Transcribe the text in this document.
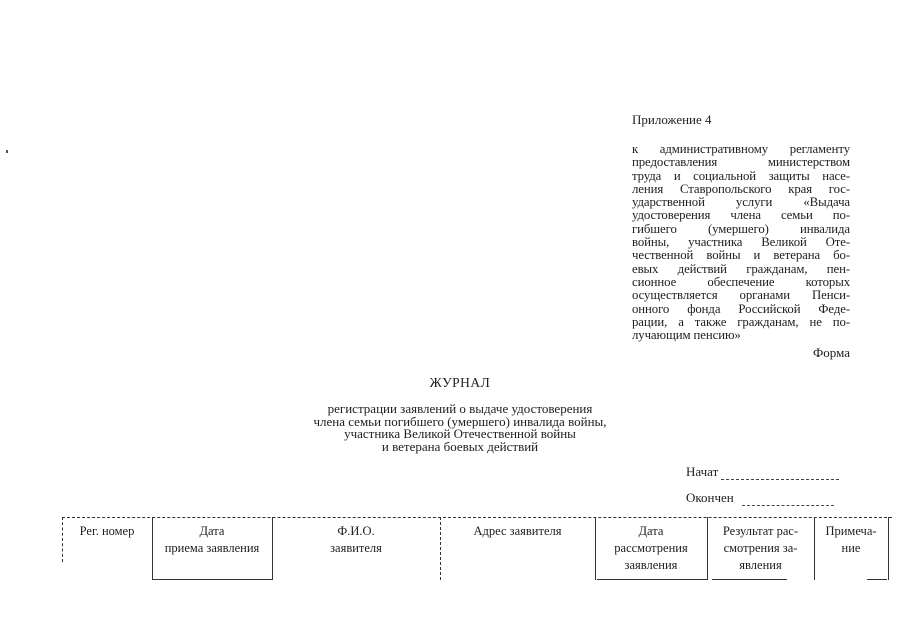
Приложение 4
к административному регламенту
предоставления министерством
труда и социальной защиты насе-
ления Ставропольского края гос-
ударственной услуги «Выдача
удостоверения члена семьи по-
гибшего (умершего) инвалида
войны, участника Великой Оте-
чественной войны и ветерана бо-
евых действий гражданам, пен-
сионное обеспечение которых
осуществляется органами Пенси-
онного фонда Российской Феде-
рации, а также гражданам, не по-
лучающим пенсию»
Форма
ЖУРНАЛ
регистрации заявлений о выдаче удостоверения
члена семьи погибшего (умершего) инвалида войны,
участника Великой Отечественной войны
и ветерана боевых действий
Начат
Окончен
Рег. номер	Дата
приема заявления
Ф.И.О.
заявителя
Адрес заявителя	Дата
рассмотрения
заявления
Результат рас-
смотрения за-
явления
Примеча-
ние
